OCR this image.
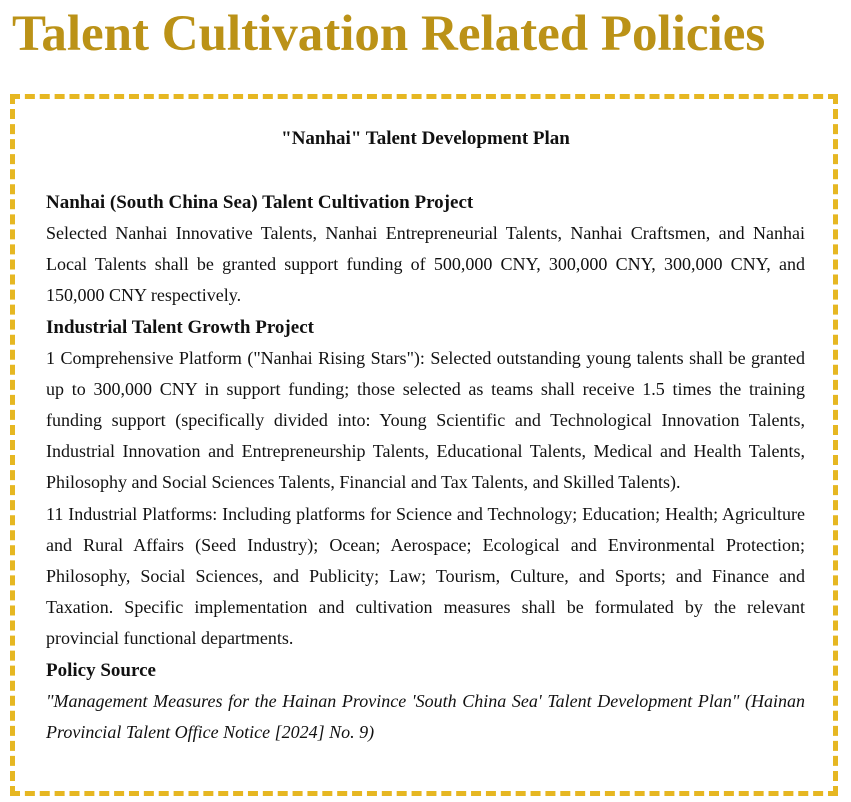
Talent Cultivation Related Policies
"Nanhai" Talent Development Plan
Nanhai (South China Sea) Talent Cultivation Project

Selected Nanhai Innovative Talents, Nanhai Entrepreneurial Talents, Nanhai Craftsmen, and Nanhai Local Talents shall be granted support funding of 500,000 CNY, 300,000 CNY, 300,000 CNY, and 150,000 CNY respectively.

Industrial Talent Growth Project

1 Comprehensive Platform ("Nanhai Rising Stars"): Selected outstanding young talents shall be granted up to 300,000 CNY in support funding; those selected as teams shall receive 1.5 times the training funding support (specifically divided into: Young Scientific and Technological Innovation Talents, Industrial Innovation and Entrepreneurship Talents, Educational Talents, Medical and Health Talents, Philosophy and Social Sciences Talents, Financial and Tax Talents, and Skilled Talents).

11 Industrial Platforms: Including platforms for Science and Technology; Education; Health; Agriculture and Rural Affairs (Seed Industry); Ocean; Aerospace; Ecological and Environmental Protection; Philosophy, Social Sciences, and Publicity; Law; Tourism, Culture, and Sports; and Finance and Taxation. Specific implementation and cultivation measures shall be formulated by the relevant provincial functional departments.

Policy Source

"Management Measures for the Hainan Province 'South China Sea' Talent Development Plan" (Hainan Provincial Talent Office Notice [2024] No. 9)
